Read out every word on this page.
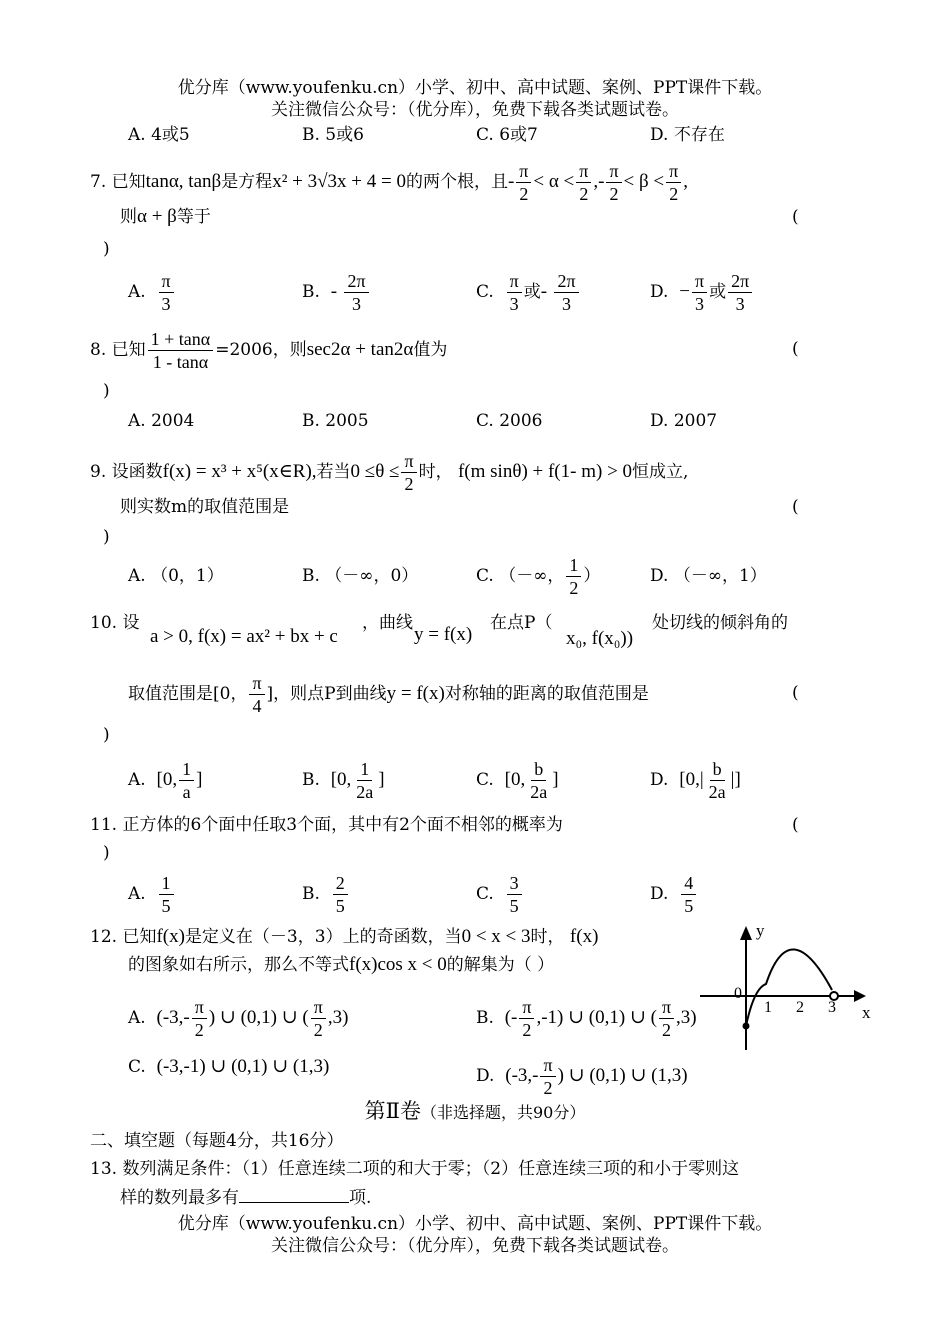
优分库（www.youfenku.cn）小学、初中、高中试题、案例、PPT课件下载。
关注微信公众号：（优分库），免费下载各类试题试卷。
A. 4或5	B. 5或6	C. 6或7	D. 不存在
7. 已知tanα, tanβ是方程x² + 3√3x + 4 = 0的两个根，且- $\frac{\pi}{2} < \alpha < \frac{\pi}{2}$ ,- $\frac{\pi}{2} < \beta < \frac{\pi}{2}$ ,
则α + β等于	(
)
A. $\frac{\pi}{3}$	B. - $\frac{2\pi}{3}$	C. $\frac{\pi}{3}$ 或- $\frac{2\pi}{3}$	D. − $\frac{\pi}{3}$ 或 $\frac{2\pi}{3}$
8. 已知 $\frac{1 + \tan\alpha}{1 - \tan\alpha} =2006$，则sec2α + tan2α值为	(
)
A. 2004	B. 2005	C. 2006	D. 2007
9. 设函数f(x) = x³ + x⁵(x∈R),若当$0 \le\theta \le \frac{\pi}{2}$ 时， f(m sinθ) + f(1- m) > 0恒成立,
则实数m的取值范围是	(
)
A. （0，1）	B. （－∞，0）	C. （－∞， $\frac{1}{2}$ ）	D. （－∞，1）
10. 设
a > 0, f(x) = ax² + bx + c
，曲线
y = f(x)
在点P（
x₀, f(x₀))
处切线的倾斜角的
取值范围是[0， $\frac{\pi}{4}$ ]，则点P到曲线y = f(x)对称轴的距离的取值范围是	(
)
A. [0, $\frac{1}{a}$ ]	B. [0, $\frac{1}{2a}$ ]	C. [0, $\frac{b}{2a}$ ]	D. [$0,| \frac{b}{2a}$ |]
11. 正方体的6个面中任取3个面，其中有2个面不相邻的概率为	(
)
A. $\frac{1}{5}$	B. $\frac{2}{5}$	C. $\frac{3}{5}$	D. $\frac{4}{5}$
12. 已知f(x)是定义在（－3，3）上的奇函数，当0 < x < 3时， f(x)
的图象如右所示，那么不等式f(x)cos x < 0的解集为（ ）
A. ($-3,- \frac{\pi}{2}$ ) ∪ (0,1) ∪ ( $\frac{\pi}{2} ,3$)	B. (- $\frac{\pi}{2} ,-1$) ∪ (0,1) ∪ ( $\frac{\pi}{2} ,3$)
C. (-3,-1) ∪ (0,1) ∪ (1,3)	D. ($-3,- \frac{\pi}{2}$ ) ∪ (0,1) ∪ (1,3)
y
x
0
1 2 3
第Ⅱ卷（非选择题，共90分）
二、填空题（每题4分，共16分）
13. 数列满足条件：（1）任意连续二项的和大于零；（2）任意连续三项的和小于零则这
样的数列最多有	项.
优分库（www.youfenku.cn）小学、初中、高中试题、案例、PPT课件下载。
关注微信公众号：（优分库），免费下载各类试题试卷。
